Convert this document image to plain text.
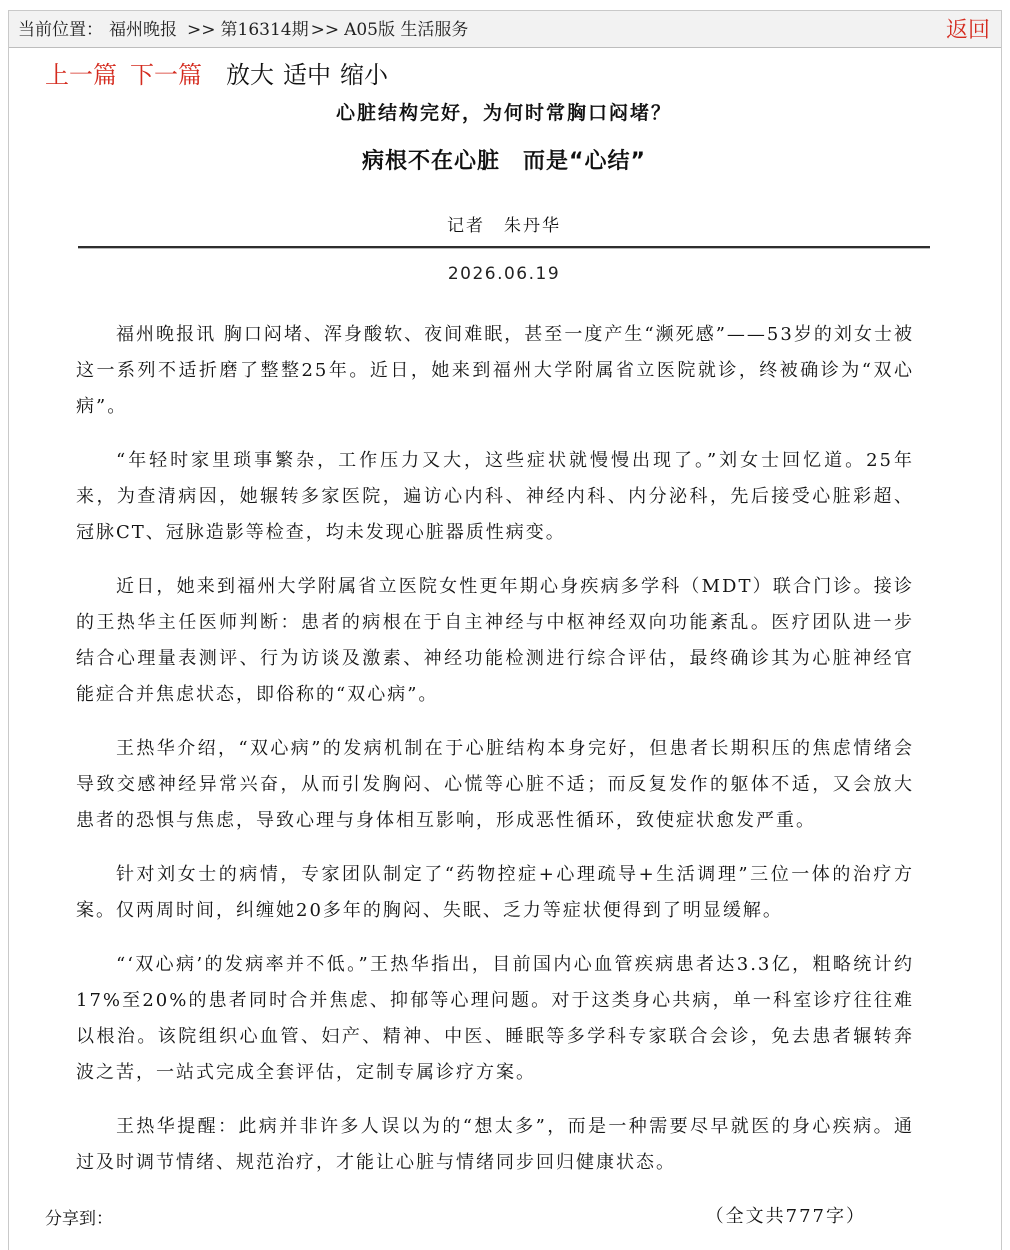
当前位置： 福州晚报 >> 第16314期 >> A05版 生活服务	返回
上一篇 下一篇 放大 适中 缩小
心脏结构完好，为何时常胸口闷堵？
病根不在心脏　而是“心结”
记者　朱丹华
2026.06.19

福州晚报讯 胸口闷堵、浑身酸软、夜间难眠，甚至一度产生“濒死感”——53岁的刘女士被这一系列不适折磨了整整25年。近日，她来到福州大学附属省立医院就诊，终被确诊为“双心病”。

“年轻时家里琐事繁杂，工作压力又大，这些症状就慢慢出现了。”刘女士回忆道。25年来，为查清病因，她辗转多家医院，遍访心内科、神经内科、内分泌科，先后接受心脏彩超、冠脉CT、冠脉造影等检查，均未发现心脏器质性病变。

近日，她来到福州大学附属省立医院女性更年期心身疾病多学科（MDT）联合门诊。接诊的王热华主任医师判断：患者的病根在于自主神经与中枢神经双向功能紊乱。医疗团队进一步结合心理量表测评、行为访谈及激素、神经功能检测进行综合评估，最终确诊其为心脏神经官能症合并焦虑状态，即俗称的“双心病”。

王热华介绍，“双心病”的发病机制在于心脏结构本身完好，但患者长期积压的焦虑情绪会导致交感神经异常兴奋，从而引发胸闷、心慌等心脏不适；而反复发作的躯体不适，又会放大患者的恐惧与焦虑，导致心理与身体相互影响，形成恶性循环，致使症状愈发严重。

针对刘女士的病情，专家团队制定了“药物控症+心理疏导+生活调理”三位一体的治疗方案。仅两周时间，纠缠她20多年的胸闷、失眠、乏力等症状便得到了明显缓解。

“‘双心病’的发病率并不低。”王热华指出，目前国内心血管疾病患者达3.3亿，粗略统计约17%至20%的患者同时合并焦虑、抑郁等心理问题。对于这类身心共病，单一科室诊疗往往难以根治。该院组织心血管、妇产、精神、中医、睡眠等多学科专家联合会诊，免去患者辗转奔波之苦，一站式完成全套评估，定制专属诊疗方案。

王热华提醒：此病并非许多人误以为的“想太多”，而是一种需要尽早就医的身心疾病。通过及时调节情绪、规范治疗，才能让心脏与情绪同步回归健康状态。

（全文共777字）

分享到：
